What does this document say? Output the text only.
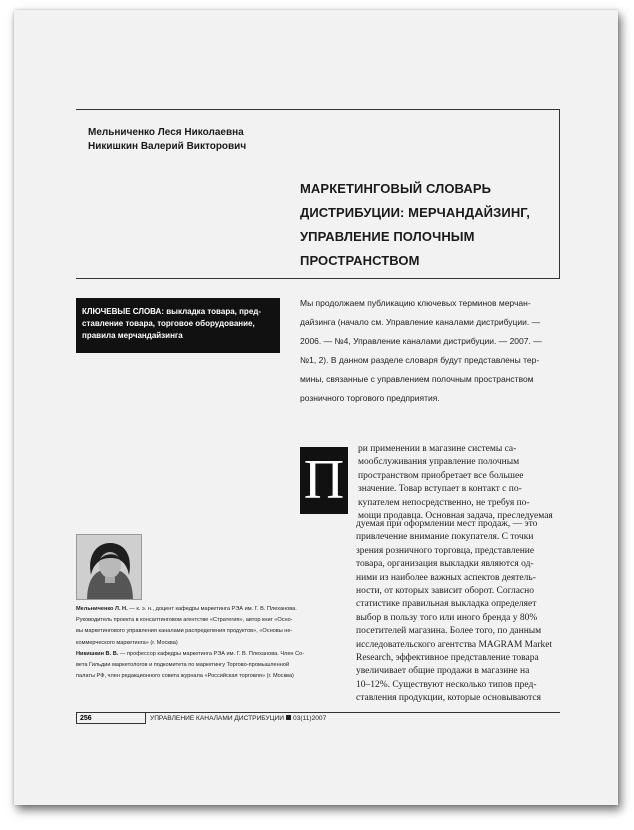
Мельниченко Леся Николаевна
Никишкин Валерий Викторович
МАРКЕТИНГОВЫЙ СЛОВАРЬ
ДИСТРИБУЦИИ: МЕРЧАНДАЙЗИНГ,
УПРАВЛЕНИЕ ПОЛОЧНЫМ
ПРОСТРАНСТВОМ
КЛЮЧЕВЫЕ СЛОВА: выкладка товара, пред-
ставление товара, торговое оборудование,
правила мерчандайзинга
Мы продолжаем публикацию ключевых терминов мерчан-
дайзинга (начало см. Управление каналами дистрибуции. —
2006. — №4, Управление каналами дистрибуции. — 2007. —
№1, 2). В данном разделе словаря будут представлены тер-
мины, связанные с управлением полочным пространством
розничного торгового предприятия.
П	ри применении в магазине системы са-
мообслуживания управление полочным
пространством приобретает все большее
значение. Товар вступает в контакт с по-
купателем непосредственно, не требуя по-
мощи продавца. Основная задача, преследуемая
дуемая при оформлении мест продаж, — это
привлечение внимание покупателя. С точки
зрения розничного торговца, представление
товара, организация выкладки являются од-
ними из наиболее важных аспектов деятель-
ности, от которых зависит оборот. Согласно
статистике правильная выкладка определяет
выбор в пользу того или иного бренда у 80%
посетителей магазина. Более того, по данным
исследовательского агентства MAGRAM Market
Research, эффективное представление товара
увеличивает общие продажи в магазине на
10–12%. Существуют несколько типов пред-
ставления продукции, которые основываются
Мельниченко Л. Н. — к. э. н., доцент кафедры маркетинга РЭА им. Г. В. Плеханова.
Руководитель проекта в консалтинговом агентстве «Стратегия», автор книг «Осно-
вы маркетингового управления каналами распределения продуктов», «Основы не-
коммерческого маркетинга» (г. Москва)
Никишкин В. В. — профессор кафедры маркетинга РЭА им. Г. В. Плеханова. Член Со-
вета Гильдии маркетологов и подкомитета по маркетингу Торгово-промышленной
палаты РФ, член редакционного совета журнала «Российская торговля» (г. Москва)
256	УПРАВЛЕНИЕ КАНАЛАМИ ДИСТРИБУЦИИ 03(11)2007
